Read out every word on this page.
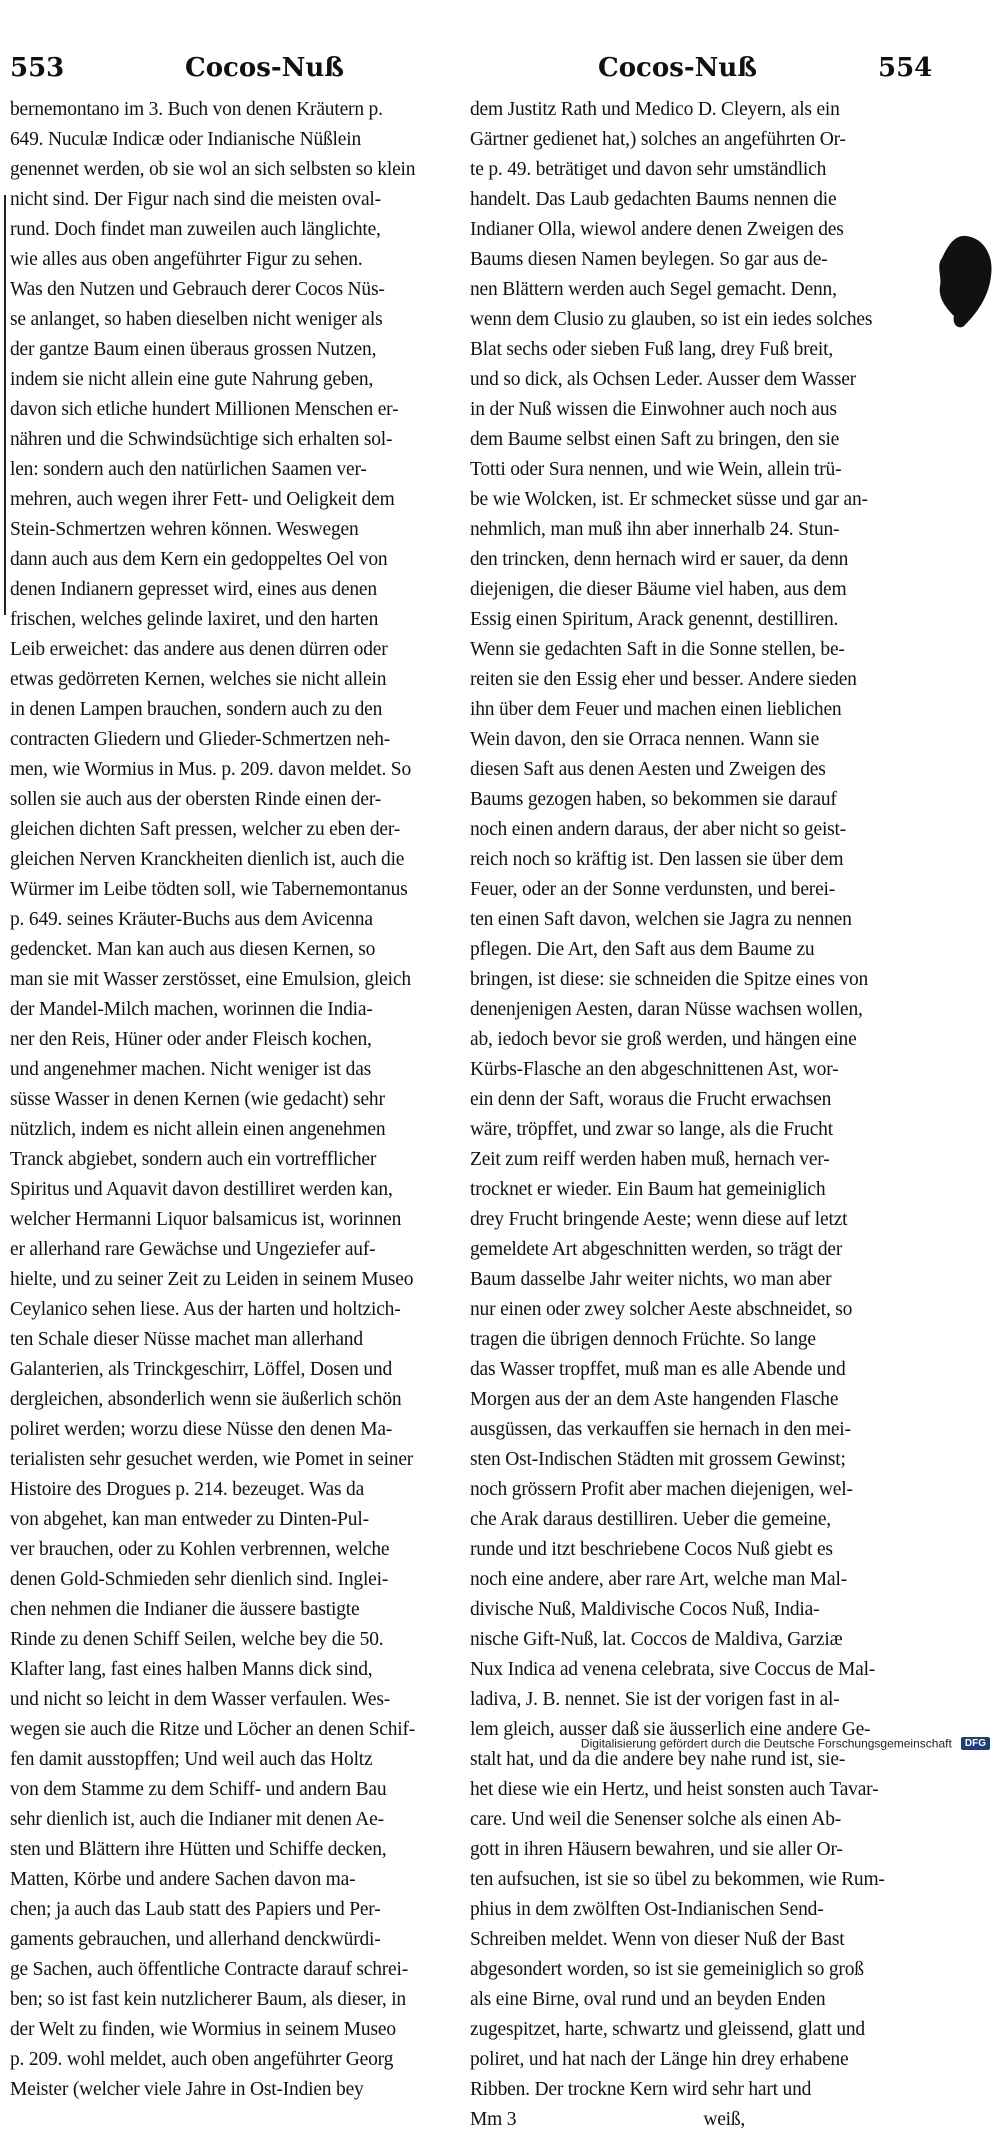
553	Cocos-Nuß	Cocos-Nuß	554
bernemontano im 3. Buch von denen Kräutern p.
649. Nuculæ Indicæ oder Indianische Nüßlein
genennet werden, ob sie wol an sich selbsten so klein
nicht sind. Der Figur nach sind die meisten oval-
rund. Doch findet man zuweilen auch länglichte,
wie alles aus oben angeführter Figur zu sehen.
Was den Nutzen und Gebrauch derer Cocos Nüs-
se anlanget, so haben dieselben nicht weniger als
der gantze Baum einen überaus grossen Nutzen,
indem sie nicht allein eine gute Nahrung geben,
davon sich etliche hundert Millionen Menschen er-
nähren und die Schwindsüchtige sich erhalten sol-
len: sondern auch den natürlichen Saamen ver-
mehren, auch wegen ihrer Fett- und Oeligkeit dem
Stein-Schmertzen wehren können. Weswegen
dann auch aus dem Kern ein gedoppeltes Oel von
denen Indianern gepresset wird, eines aus denen
frischen, welches gelinde laxiret, und den harten
Leib erweichet: das andere aus denen dürren oder
etwas gedörreten Kernen, welches sie nicht allein
in denen Lampen brauchen, sondern auch zu den
contracten Gliedern und Glieder-Schmertzen neh-
men, wie Wormius in Mus. p. 209. davon meldet. So
sollen sie auch aus der obersten Rinde einen der-
gleichen dichten Saft pressen, welcher zu eben der-
gleichen Nerven Kranckheiten dienlich ist, auch die
Würmer im Leibe tödten soll, wie Tabernemontanus
p. 649. seines Kräuter-Buchs aus dem Avicenna
gedencket. Man kan auch aus diesen Kernen, so
man sie mit Wasser zerstösset, eine Emulsion, gleich
der Mandel-Milch machen, worinnen die India-
ner den Reis, Hüner oder ander Fleisch kochen,
und angenehmer machen. Nicht weniger ist das
süsse Wasser in denen Kernen (wie gedacht) sehr
nützlich, indem es nicht allein einen angenehmen
Tranck abgiebet, sondern auch ein vortrefflicher
Spiritus und Aquavit davon destilliret werden kan,
welcher Hermanni Liquor balsamicus ist, worinnen
er allerhand rare Gewächse und Ungeziefer auf-
hielte, und zu seiner Zeit zu Leiden in seinem Museo
Ceylanico sehen liese. Aus der harten und holtzich-
ten Schale dieser Nüsse machet man allerhand
Galanterien, als Trinckgeschirr, Löffel, Dosen und
dergleichen, absonderlich wenn sie äußerlich schön
poliret werden; worzu diese Nüsse den denen Ma-
terialisten sehr gesuchet werden, wie Pomet in seiner
Histoire des Drogues p. 214. bezeuget. Was da
von abgehet, kan man entweder zu Dinten-Pul-
ver brauchen, oder zu Kohlen verbrennen, welche
denen Gold-Schmieden sehr dienlich sind. Inglei-
chen nehmen die Indianer die äussere bastigte
Rinde zu denen Schiff Seilen, welche bey die 50.
Klafter lang, fast eines halben Manns dick sind,
und nicht so leicht in dem Wasser verfaulen. Wes-
wegen sie auch die Ritze und Löcher an denen Schif-
fen damit ausstopffen; Und weil auch das Holtz
von dem Stamme zu dem Schiff- und andern Bau
sehr dienlich ist, auch die Indianer mit denen Ae-
sten und Blättern ihre Hütten und Schiffe decken,
Matten, Körbe und andere Sachen davon ma-
chen; ja auch das Laub statt des Papiers und Per-
gaments gebrauchen, und allerhand denckwürdi-
ge Sachen, auch öffentliche Contracte darauf schrei-
ben; so ist fast kein nutzlicherer Baum, als dieser, in
der Welt zu finden, wie Wormius in seinem Museo
p. 209. wohl meldet, auch oben angeführter Georg
Meister (welcher viele Jahre in Ost-Indien bey
dem Justitz Rath und Medico D. Cleyern, als ein
Gärtner gedienet hat,) solches an angeführten Or-
te p. 49. beträtiget und davon sehr umständlich
handelt. Das Laub gedachten Baums nennen die
Indianer Olla, wiewol andere denen Zweigen des
Baums diesen Namen beylegen. So gar aus de-
nen Blättern werden auch Segel gemacht. Denn,
wenn dem Clusio zu glauben, so ist ein iedes solches
Blat sechs oder sieben Fuß lang, drey Fuß breit,
und so dick, als Ochsen Leder. Ausser dem Wasser
in der Nuß wissen die Einwohner auch noch aus
dem Baume selbst einen Saft zu bringen, den sie
Totti oder Sura nennen, und wie Wein, allein trü-
be wie Wolcken, ist. Er schmecket süsse und gar an-
nehmlich, man muß ihn aber innerhalb 24. Stun-
den trincken, denn hernach wird er sauer, da denn
diejenigen, die dieser Bäume viel haben, aus dem
Essig einen Spiritum, Arack genennt, destilliren.
Wenn sie gedachten Saft in die Sonne stellen, be-
reiten sie den Essig eher und besser. Andere sieden
ihn über dem Feuer und machen einen lieblichen
Wein davon, den sie Orraca nennen. Wann sie
diesen Saft aus denen Aesten und Zweigen des
Baums gezogen haben, so bekommen sie darauf
noch einen andern daraus, der aber nicht so geist-
reich noch so kräftig ist. Den lassen sie über dem
Feuer, oder an der Sonne verdunsten, und berei-
ten einen Saft davon, welchen sie Jagra zu nennen
pflegen. Die Art, den Saft aus dem Baume zu
bringen, ist diese: sie schneiden die Spitze eines von
denenjenigen Aesten, daran Nüsse wachsen wollen,
ab, iedoch bevor sie groß werden, und hängen eine
Kürbs-Flasche an den abgeschnittenen Ast, wor-
ein denn der Saft, woraus die Frucht erwachsen
wäre, tröpffet, und zwar so lange, als die Frucht
Zeit zum reiff werden haben muß, hernach ver-
trocknet er wieder. Ein Baum hat gemeiniglich
drey Frucht bringende Aeste; wenn diese auf letzt
gemeldete Art abgeschnitten werden, so trägt der
Baum dasselbe Jahr weiter nichts, wo man aber
nur einen oder zwey solcher Aeste abschneidet, so
tragen die übrigen dennoch Früchte. So lange
das Wasser tropffet, muß man es alle Abende und
Morgen aus der an dem Aste hangenden Flasche
ausgüssen, das verkauffen sie hernach in den mei-
sten Ost-Indischen Städten mit grossem Gewinst;
noch grössern Profit aber machen diejenigen, wel-
che Arak daraus destilliren. Ueber die gemeine,
runde und itzt beschriebene Cocos Nuß giebt es
noch eine andere, aber rare Art, welche man Mal-
divische Nuß, Maldivische Cocos Nuß, India-
nische Gift-Nuß, lat. Coccos de Maldiva, Garziæ
Nux Indica ad venena celebrata, sive Coccus de Mal-
ladiva, J. B. nennet. Sie ist der vorigen fast in al-
lem gleich, ausser daß sie äusserlich eine andere Ge-
stalt hat, und da die andere bey nahe rund ist, sie-
het diese wie ein Hertz, und heist sonsten auch Tavar-
care. Und weil die Senenser solche als einen Ab-
gott in ihren Häusern bewahren, und sie aller Or-
ten aufsuchen, ist sie so übel zu bekommen, wie Rum-
phius in dem zwölften Ost-Indianischen Send-
Schreiben meldet. Wenn von dieser Nuß der Bast
abgesondert worden, so ist sie gemeiniglich so groß
als eine Birne, oval rund und an beyden Enden
zugespitzet, harte, schwartz und gleissend, glatt und
poliret, und hat nach der Länge hin drey erhabene
Ribben. Der trockne Kern wird sehr hart und
Mm 3                                        weiß,
Digitalisierung gefördert durch die Deutsche Forschungsgemeinschaft DFG
